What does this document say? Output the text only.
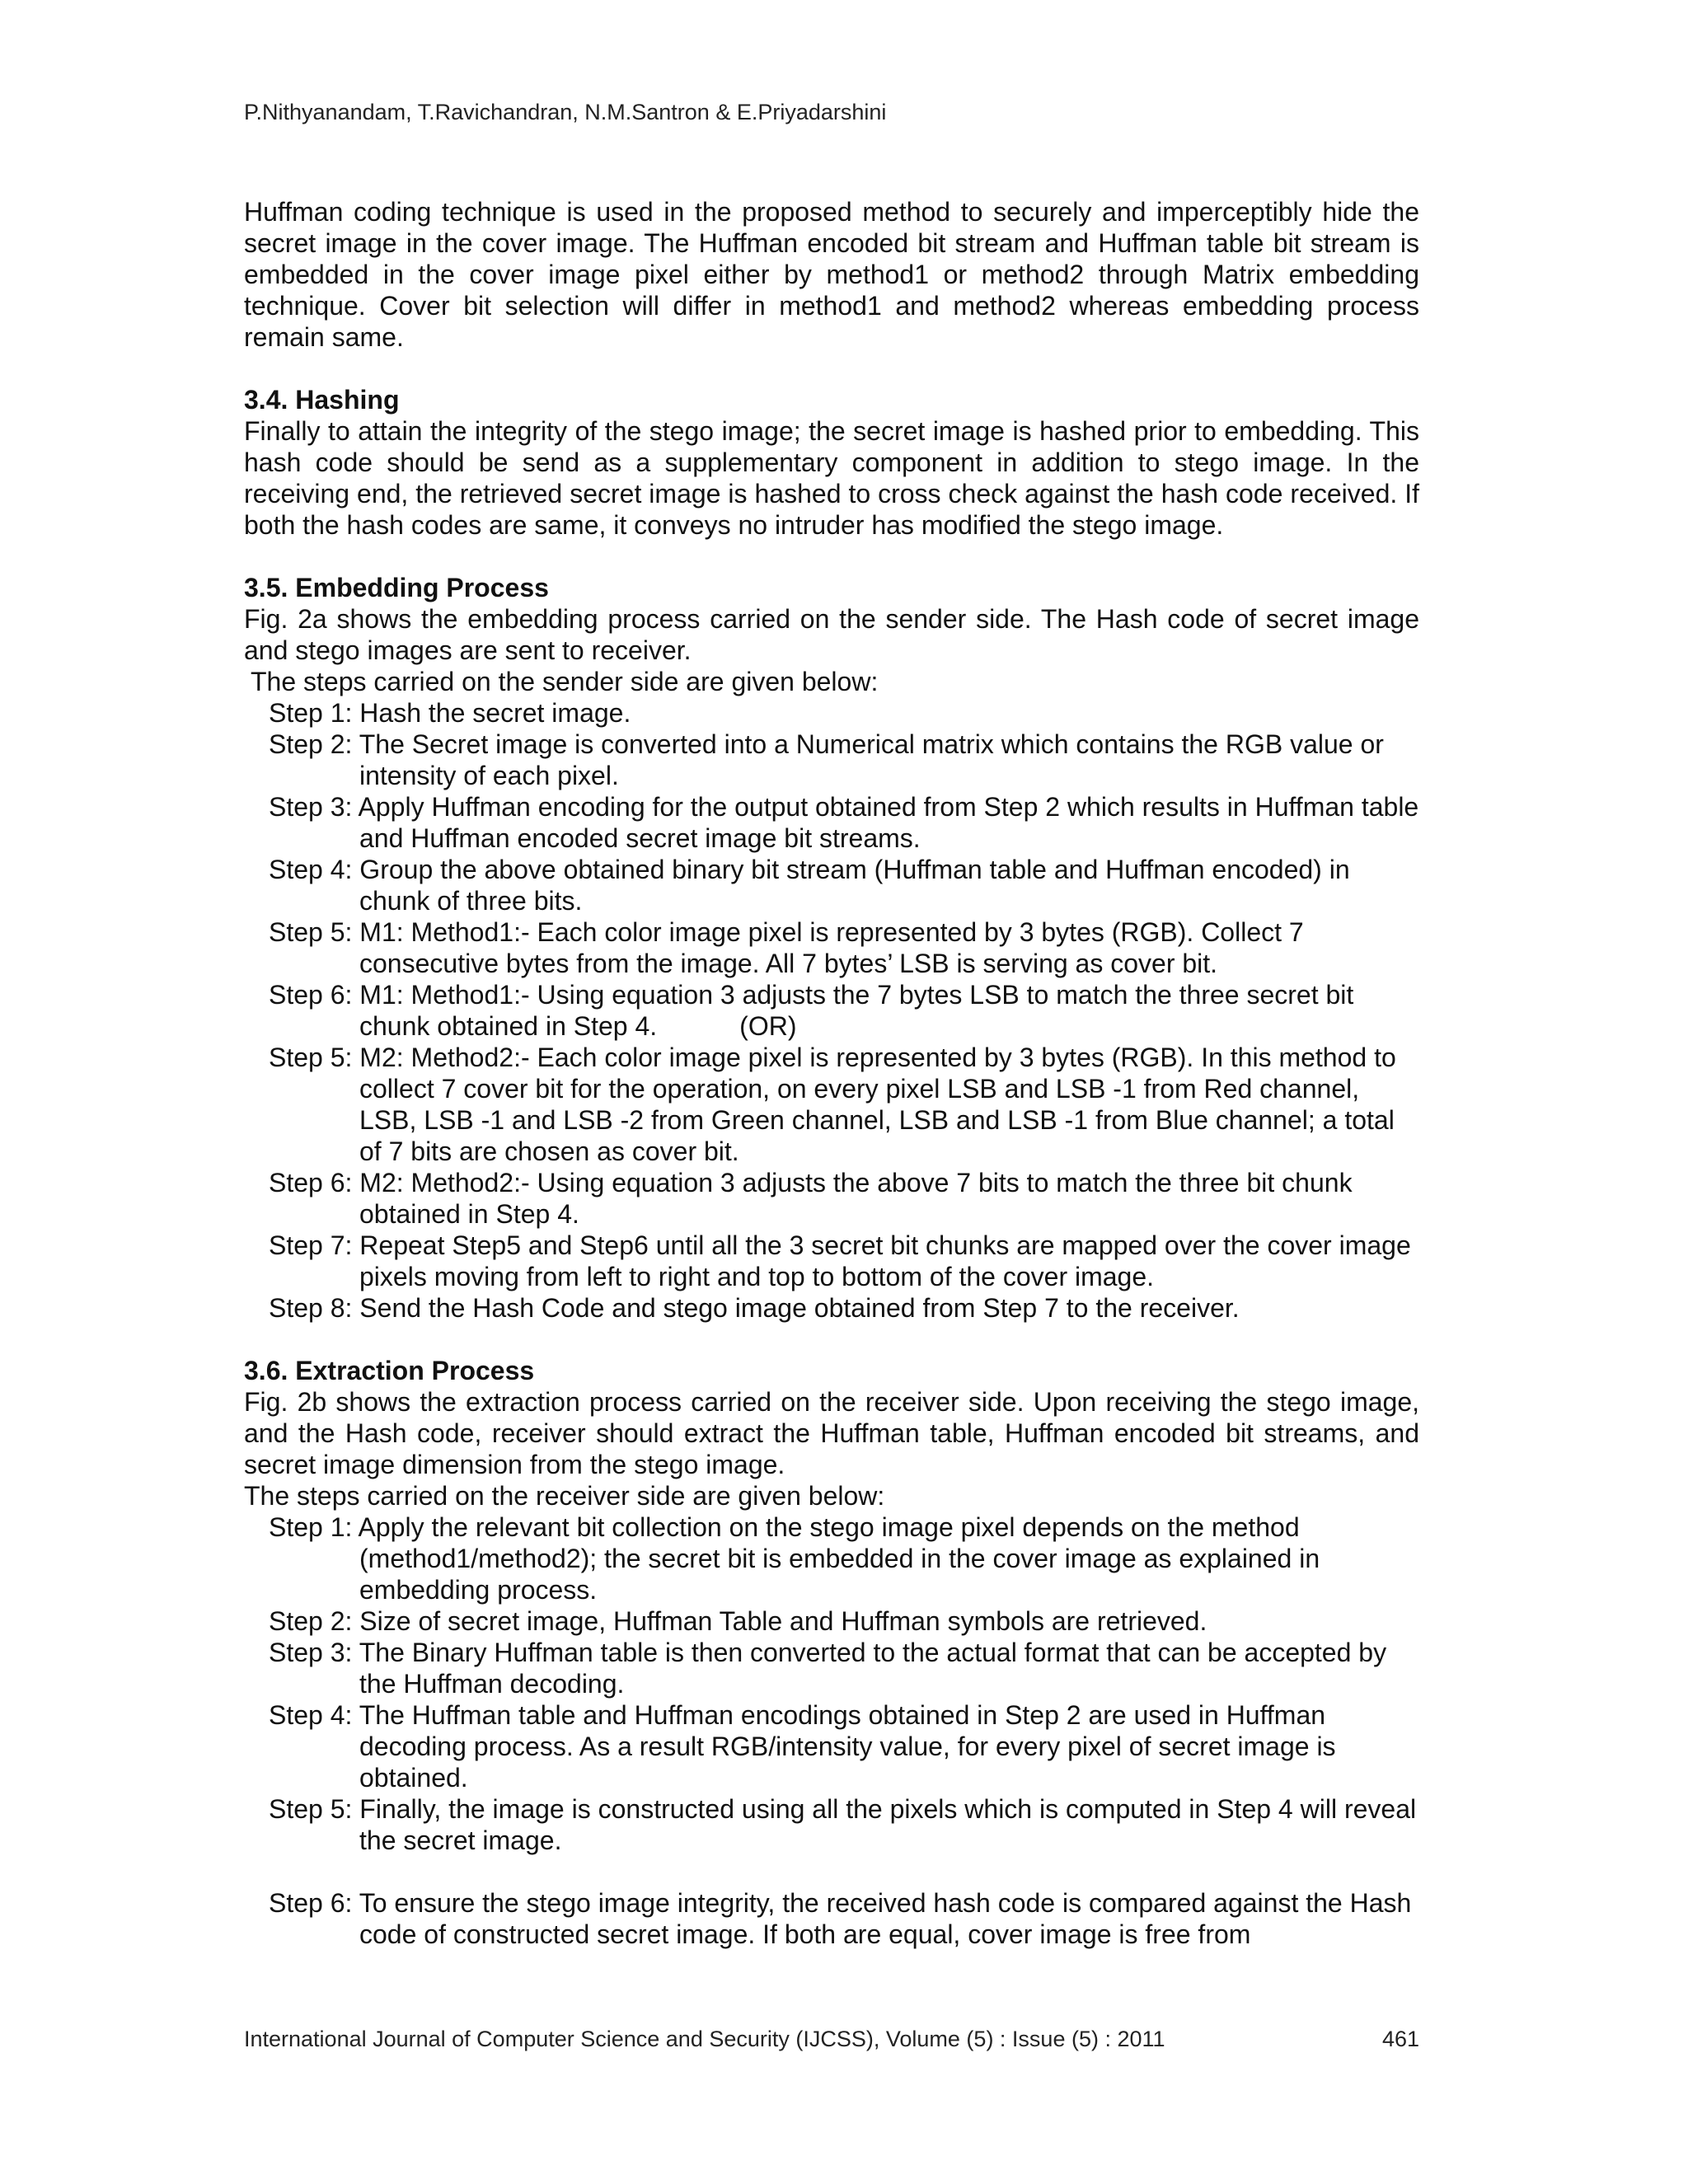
P.Nithyanandam, T.Ravichandran, N.M.Santron & E.Priyadarshini

Huffman coding technique is used in the proposed method to securely and imperceptibly hide the secret image in the cover image. The Huffman encoded bit stream and Huffman table bit stream is embedded in the cover image pixel either by method1 or method2 through Matrix embedding technique. Cover bit selection will differ in method1 and method2 whereas embedding process remain same.

3.4. Hashing

Finally to attain the integrity of the stego image; the secret image is hashed prior to embedding. This hash code should be send as a supplementary component in addition to stego image. In the receiving end, the retrieved secret image is hashed to cross check against the hash code received. If both the hash codes are same, it conveys no intruder has modified the stego image.

3.5. Embedding Process

Fig. 2a shows the embedding process carried on the sender side. The Hash code of secret image and stego images are sent to receiver.

The steps carried on the sender side are given below:

Step 1: Hash the secret image.

Step 2: The Secret image is converted into a Numerical matrix which contains the RGB value or intensity of each pixel.

Step 3: Apply Huffman encoding for the output obtained from Step 2 which results in Huffman table and Huffman encoded secret image bit streams.

Step 4: Group the above obtained binary bit stream (Huffman table and Huffman encoded) in chunk of three bits.

Step 5: M1: Method1:- Each color image pixel is represented by 3 bytes (RGB). Collect 7 consecutive bytes from the image. All 7 bytes’ LSB is serving as cover bit.

Step 6: M1: Method1:- Using equation 3 adjusts the 7 bytes LSB to match the three secret bit chunk obtained in Step 4.	(OR)

Step 5: M2: Method2:- Each color image pixel is represented by 3 bytes (RGB). In this method to collect 7 cover bit for the operation, on every pixel LSB and LSB -1 from Red channel, LSB, LSB -1 and LSB -2 from Green channel, LSB and LSB -1 from Blue channel; a total of 7 bits are chosen as cover bit.

Step 6: M2: Method2:- Using equation 3 adjusts the above 7 bits to match the three bit chunk obtained in Step 4.

Step 7: Repeat Step5 and Step6 until all the 3 secret bit chunks are mapped over the cover image pixels moving from left to right and top to bottom of the cover image.

Step 8: Send the Hash Code and stego image obtained from Step 7 to the receiver.

3.6. Extraction Process

Fig. 2b shows the extraction process carried on the receiver side. Upon receiving the stego image, and the Hash code, receiver should extract the Huffman table, Huffman encoded bit streams, and secret image dimension from the stego image.

The steps carried on the receiver side are given below:

Step 1: Apply the relevant bit collection on the stego image pixel depends on the method (method1/method2); the secret bit is embedded in the cover image as explained in embedding process.

Step 2: Size of secret image, Huffman Table and Huffman symbols are retrieved.

Step 3: The Binary Huffman table is then converted to the actual format that can be accepted by the Huffman decoding.

Step 4: The Huffman table and Huffman encodings obtained in Step 2 are used in Huffman decoding process. As a result RGB/intensity value, for every pixel of secret image is obtained.

Step 5: Finally, the image is constructed using all the pixels which is computed in Step 4 will reveal the secret image.

Step 6: To ensure the stego image integrity, the received hash code is compared against the Hash code of constructed secret image. If both are equal, cover image is free from

International Journal of Computer Science and Security (IJCSS), Volume (5) : Issue (5) : 2011	461
